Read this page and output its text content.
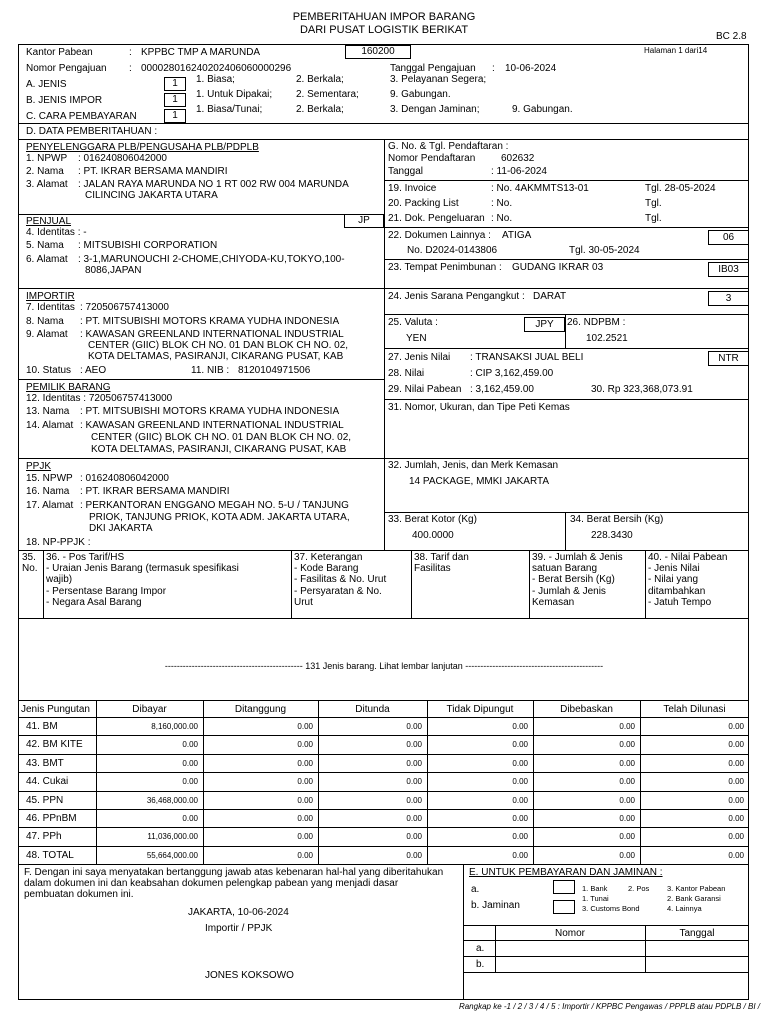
PEMBERITAHUAN IMPOR BARANG
DARI PUSAT LOGISTIK BERIKAT
BC 2.8
Kantor Pabean	: KPPBC TMP A MARUNDA	160200	Halaman 1 dari14
Nomor Pengajuan : 000028016240202406060000296	Tanggal Pengajuan : 10-06-2024
A. JENIS	1	1. Biasa;	2. Berkala;	3. Pelayanan Segera;
B. JENIS IMPOR	1	1. Untuk Dipakai; 2. Sementara;	9. Gabungan.
C. CARA PEMBAYARAN	1
1. Biasa/Tunai;	2. Berkala;	3. Dengan Jaminan;	9. Gabungan.
D. DATA PEMBERITAHUAN :
PENYELENGGARA PLB/PENGUSAHA PLB/PDPLB
1. NPWP : 016240806042000
2. Nama : PT. IKRAR BERSAMA MANDIRI
3. Alamat : JALAN RAYA MARUNDA NO 1 RT 002 RW 004 MARUNDA
CILINCING JAKARTA UTARA
PENJUAL	JP
4. Identitas : -
5. Nama : MITSUBISHI CORPORATION
6. Alamat : 3-1,MARUNOUCHI 2-CHOME,CHIYODA-KU,TOKYO,100-
8086,JAPAN
IMPORTIR
7. Identitas : 720506757413000
8. Nama : PT. MITSUBISHI MOTORS KRAMA YUDHA INDONESIA
9. Alamat : KAWASAN GREENLAND INTERNATIONAL INDUSTRIAL
CENTER (GIIC) BLOK CH NO. 01 DAN BLOK CH NO. 02,
KOTA DELTAMAS, PASIRANJI, CIKARANG PUSAT, KAB
10. Status : AEO	11. NIB : 8120104971506
PEMILIK BARANG
12. Identitas : 720506757413000
13. Nama : PT. MITSUBISHI MOTORS KRAMA YUDHA INDONESIA
14. Alamat : KAWASAN GREENLAND INTERNATIONAL INDUSTRIAL
CENTER (GIIC) BLOK CH NO. 01 DAN BLOK CH NO. 02,
KOTA DELTAMAS, PASIRANJI, CIKARANG PUSAT, KAB
PPJK
15. NPWP : 016240806042000
16. Nama : PT. IKRAR BERSAMA MANDIRI
17. Alamat : PERKANTORAN ENGGANO MEGAH NO. 5-U / TANJUNG
PRIOK, TANJUNG PRIOK, KOTA ADM. JAKARTA UTARA,
DKI JAKARTA
18. NP-PPJK :
G. No. & Tgl. Pendaftaran :
Nomor Pendaftaran	602632
Tanggal	: 11-06-2024
19. Invoice	: No. 4AKMMTS13-01	Tgl. 28-05-2024
20. Packing List	: No.	Tgl.
21. Dok. Pengeluaran : No.	Tgl.
22. Dokumen Lainnya : ATIGA	06
No. D2024-0143806	Tgl. 30-05-2024
23. Tempat Penimbunan : GUDANG IKRAR 03	IB03
24. Jenis Sarana Pengangkut : DARAT	3
25. Valuta :	JPY	26. NDPBM :
YEN	102.2521
27. Jenis Nilai : TRANSAKSI JUAL BELI	NTR
28. Nilai	: CIP 3,162,459.00
29. Nilai Pabean : 3,162,459.00	30. Rp 323,368,073.91
31. Nomor, Ukuran, dan Tipe Peti Kemas
32. Jumlah, Jenis, dan Merk Kemasan
14 PACKAGE, MMKI JAKARTA
33. Berat Kotor (Kg)
400.0000
34. Berat Bersih (Kg)
228.3430
35.
No.
36. - Pos Tarif/HS
- Uraian Jenis Barang (termasuk spesifikasi
wajib)
- Persentase Barang Impor
- Negara Asal Barang
37. Keterangan
- Kode Barang
- Fasilitas & No. Urut
- Persyaratan & No.
Urut
38. Tarif dan
Fasilitas
39. - Jumlah & Jenis
satuan Barang
- Berat Bersih (Kg)
- Jumlah & Jenis
Kemasan
40. - Nilai Pabean
- Jenis Nilai
- Nilai yang
ditambahkan
- Jatuh Tempo
---------------------------------------------- 131 Jenis barang. Lihat lembar lanjutan ----------------------------------------------
Jenis Pungutan	Dibayar	Ditanggung	Ditunda	Tidak Dipungut	Dibebaskan	Telah Dilunasi
41. BM	8,160,000.00	0.00	0.00	0.00	0.00	0.00
42. BM KITE	0.00	0.00	0.00	0.00	0.00	0.00
43. BMT	0.00	0.00	0.00	0.00	0.00	0.00
44. Cukai	0.00	0.00	0.00	0.00	0.00	0.00
45. PPN	36,468,000.00	0.00	0.00	0.00	0.00	0.00
46. PPnBM	0.00	0.00	0.00	0.00	0.00	0.00
47. PPh	11,036,000.00	0.00	0.00	0.00	0.00	0.00
48. TOTAL	55,664,000.00	0.00	0.00	0.00	0.00	0.00
F. Dengan ini saya menyatakan bertanggung jawab atas kebenaran hal-hal yang diberitahukan
dalam dokumen ini dan keabsahan dokumen pelengkap pabean yang menjadi dasar
pembuatan dokumen ini.
JAKARTA, 10-06-2024
Importir / PPJK
JONES KOKSOWO
E. UNTUK PEMBAYARAN DAN JAMINAN :
a.
b. Jaminan
1. Bank	2. Pos 3. Kantor Pabean
1. Tunai	2. Bank Garansi
3. Customs Bond	4. Lainnya
Nomor	Tanggal
a.
b.
Rangkap ke -1 / 2 / 3 / 4 / 5 : Importir / KPPBC Pengawas / PPPLB atau PDPLB / BI /
